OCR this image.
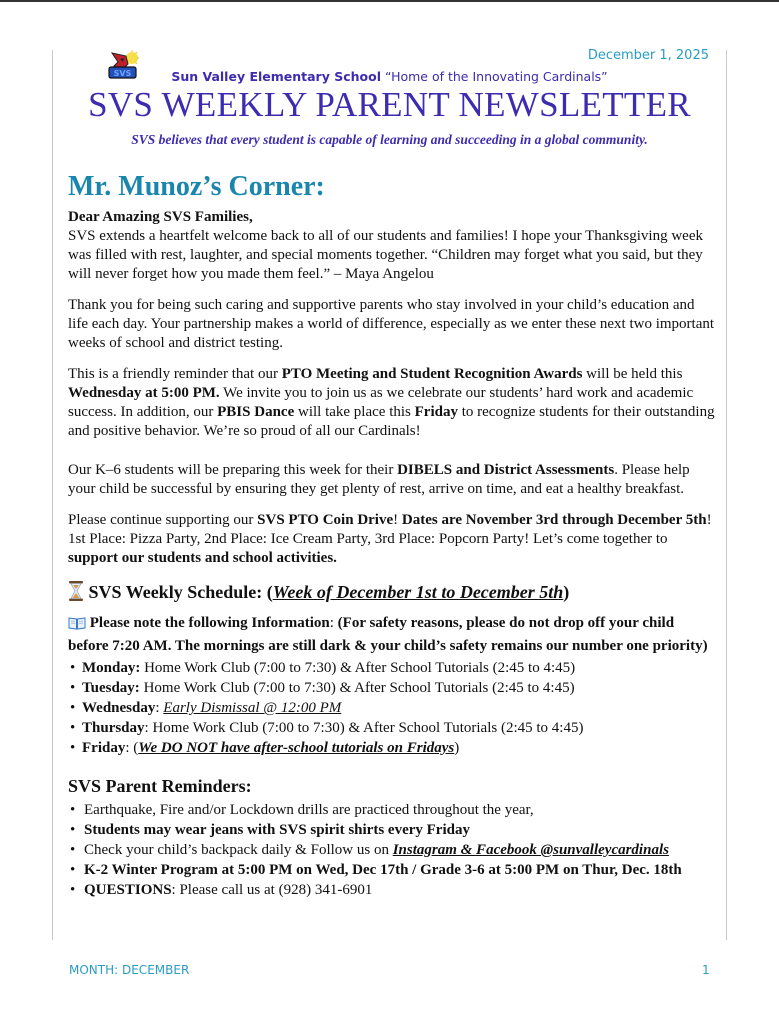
December 1, 2025
SVS	Sun Valley Elementary School “Home of the Innovating Cardinals”
SVS WEEKLY PARENT NEWSLETTER
SVS believes that every student is capable of learning and succeeding in a global community.
Mr. Munoz’s Corner:
Dear Amazing SVS Families,

SVS extends a heartfelt welcome back to all of our students and families! I hope your Thanksgiving week was filled with rest, laughter, and special moments together. “Children may forget what you said, but they will never forget how you made them feel.” – Maya Angelou

Thank you for being such caring and supportive parents who stay involved in your child’s education and life each day. Your partnership makes a world of difference, especially as we enter these next two important weeks of school and district testing.

This is a friendly reminder that our PTO Meeting and Student Recognition Awards will be held this Wednesday at 5:00 PM. We invite you to join us as we celebrate our students’ hard work and academic success. In addition, our PBIS Dance will take place this Friday to recognize students for their outstanding and positive behavior. We’re so proud of all our Cardinals!

Our K–6 students will be preparing this week for their DIBELS and District Assessments. Please help your child be successful by ensuring they get plenty of rest, arrive on time, and eat a healthy breakfast.

Please continue supporting our SVS PTO Coin Drive! Dates are November 3rd through December 5th! 1st Place: Pizza Party, 2nd Place: Ice Cream Party, 3rd Place: Popcorn Party! Let’s come together to support our students and school activities.

SVS Weekly Schedule: (Week of December 1st to December 5th)
Please note the following Information: (For safety reasons, please do not drop off your child before 7:20 AM. The mornings are still dark & your child’s safety remains our number one priority)
• Monday: Home Work Club (7:00 to 7:30) & After School Tutorials (2:45 to 4:45)
• Tuesday: Home Work Club (7:00 to 7:30) & After School Tutorials (2:45 to 4:45)
• Wednesday: Early Dismissal @ 12:00 PM
• Thursday: Home Work Club (7:00 to 7:30) & After School Tutorials (2:45 to 4:45)
• Friday: (We DO NOT have after-school tutorials on Fridays)
SVS Parent Reminders:
• Earthquake, Fire and/or Lockdown drills are practiced throughout the year,
• Students may wear jeans with SVS spirit shirts every Friday
• Check your child’s backpack daily & Follow us on Instagram & Facebook @sunvalleycardinals
• K-2 Winter Program at 5:00 PM on Wed, Dec 17th / Grade 3-6 at 5:00 PM on Thur, Dec. 18th
• QUESTIONS: Please call us at (928) 341-6901
MONTH: DECEMBER	1
